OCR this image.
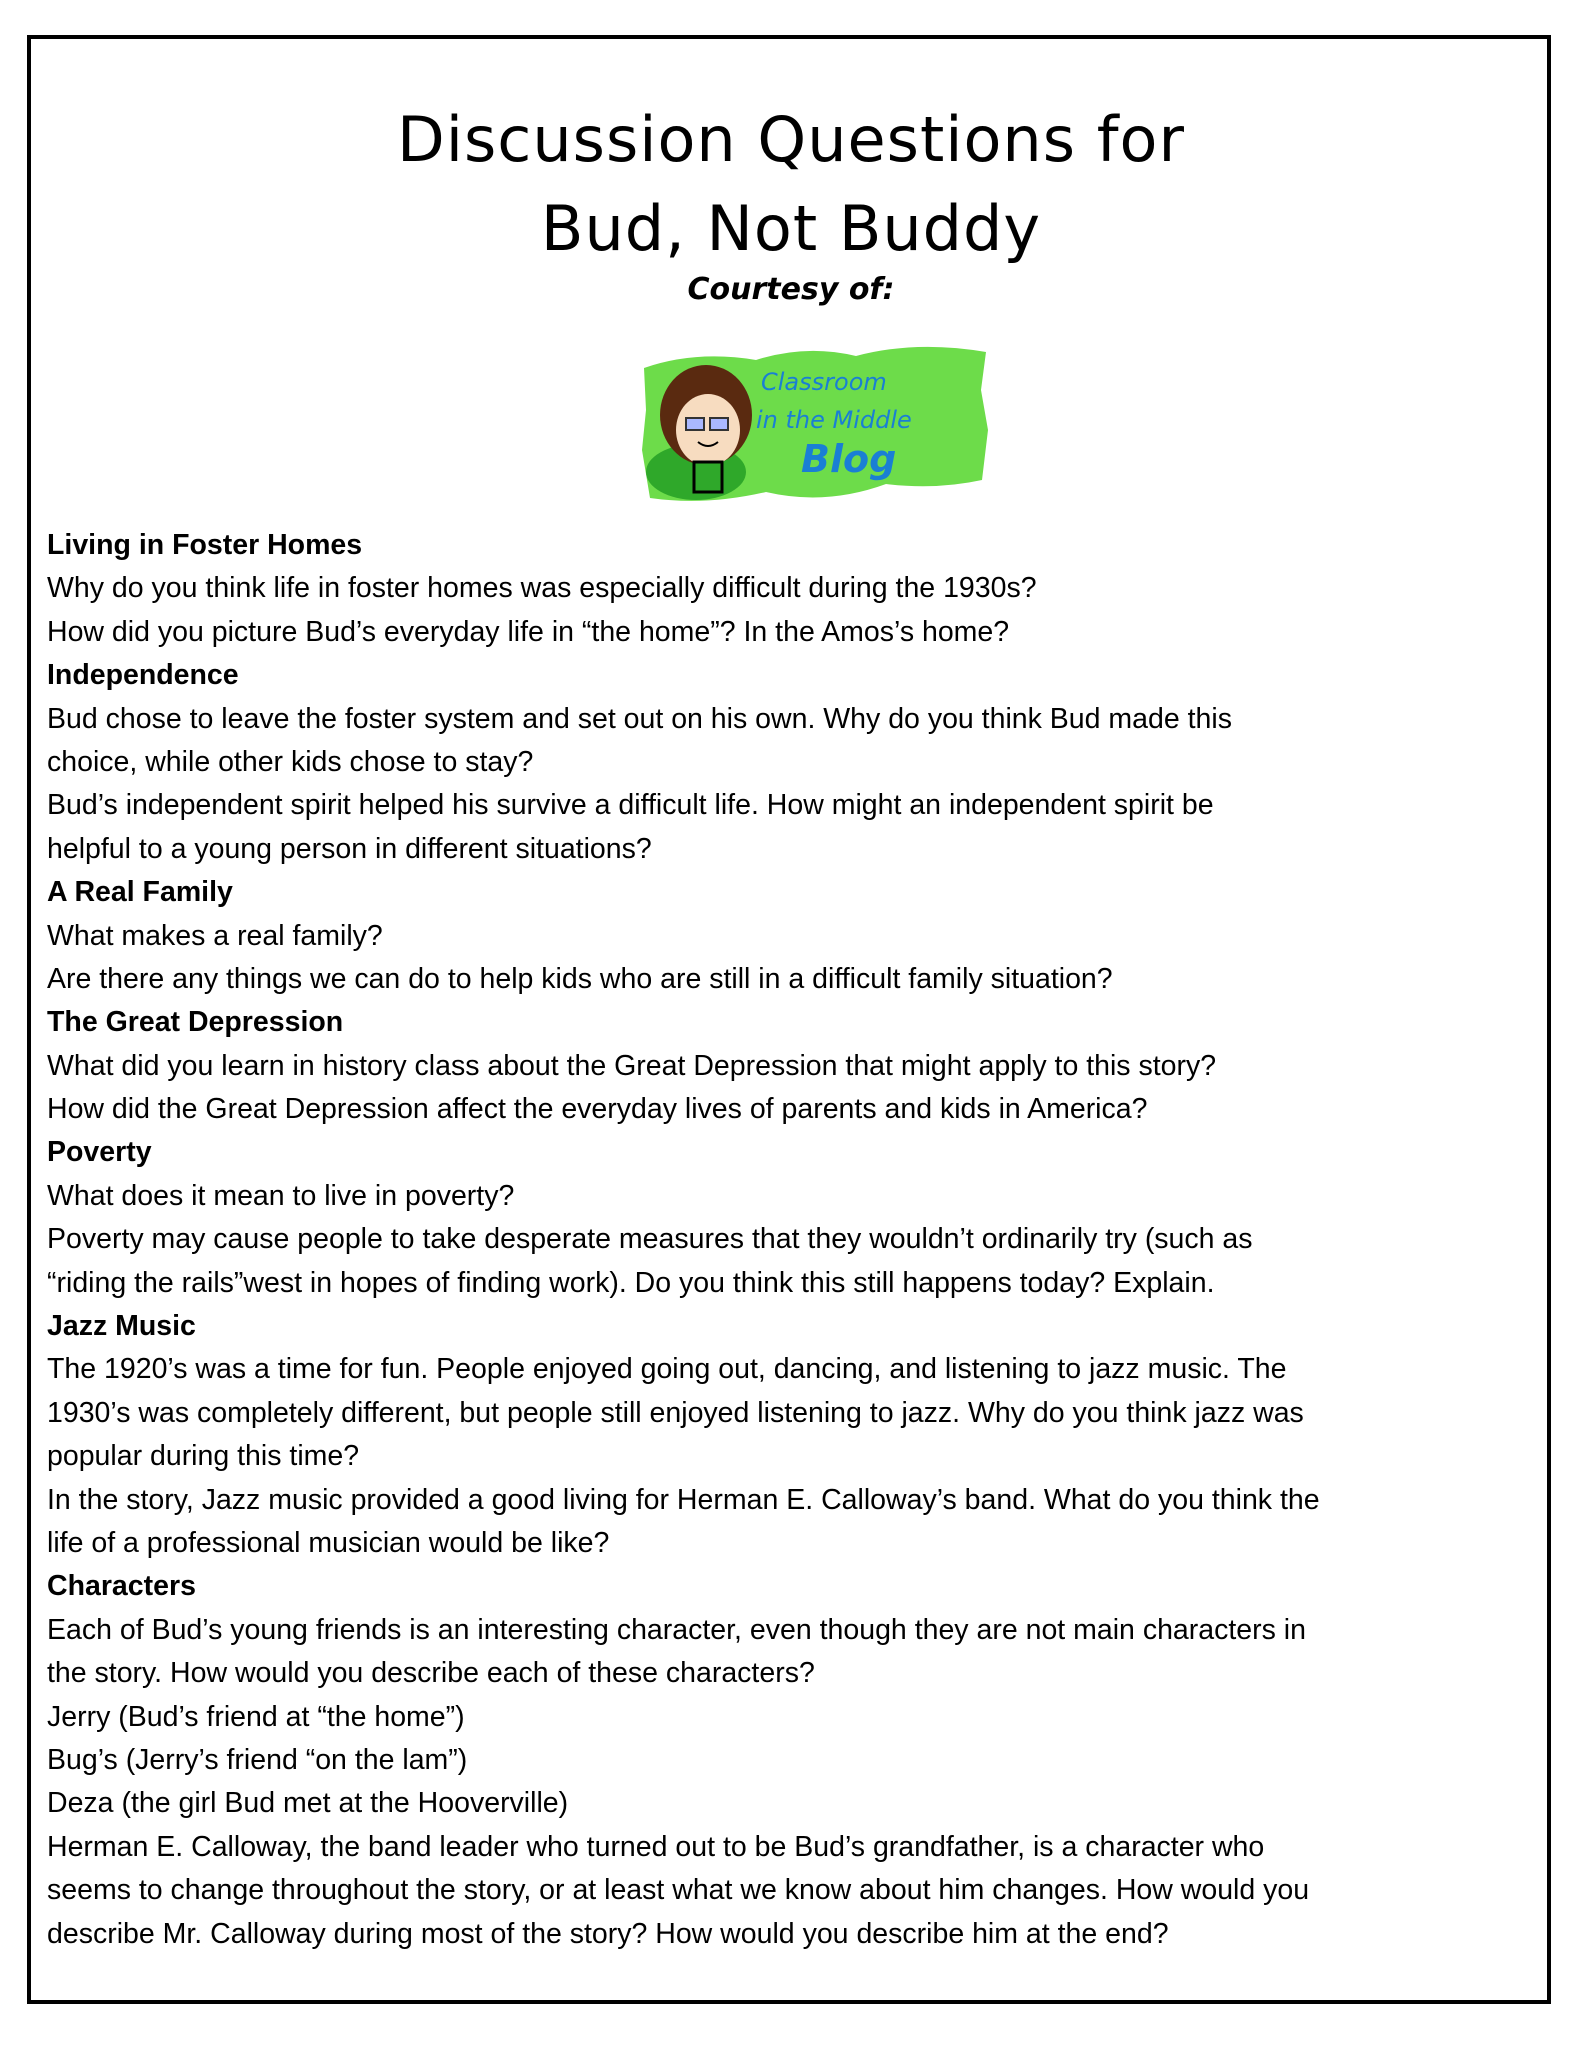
Discussion Questions for
Bud, Not Buddy
Courtesy of:
Classroom
in the Middle
Blog
Living in Foster Homes
Why do you think life in foster homes was especially difficult during the 1930s?
How did you picture Bud’s everyday life in “the home”? In the Amos’s home?
Independence
Bud chose to leave the foster system and set out on his own. Why do you think Bud made this
choice, while other kids chose to stay?
Bud’s independent spirit helped his survive a difficult life. How might an independent spirit be
helpful to a young person in different situations?
A Real Family
What makes a real family?
Are there any things we can do to help kids who are still in a difficult family situation?
The Great Depression
What did you learn in history class about the Great Depression that might apply to this story?
How did the Great Depression affect the everyday lives of parents and kids in America?
Poverty
What does it mean to live in poverty?
Poverty may cause people to take desperate measures that they wouldn’t ordinarily try (such as
“riding the rails”west in hopes of finding work). Do you think this still happens today? Explain.
Jazz Music
The 1920’s was a time for fun. People enjoyed going out, dancing, and listening to jazz music. The
1930’s was completely different, but people still enjoyed listening to jazz. Why do you think jazz was
popular during this time?
In the story, Jazz music provided a good living for Herman E. Calloway’s band. What do you think the
life of a professional musician would be like?
Characters
Each of Bud’s young friends is an interesting character, even though they are not main characters in
the story. How would you describe each of these characters?
Jerry (Bud’s friend at “the home”)
Bug’s (Jerry’s friend “on the lam”)
Deza (the girl Bud met at the Hooverville)
Herman E. Calloway, the band leader who turned out to be Bud’s grandfather, is a character who
seems to change throughout the story, or at least what we know about him changes. How would you
describe Mr. Calloway during most of the story? How would you describe him at the end?
